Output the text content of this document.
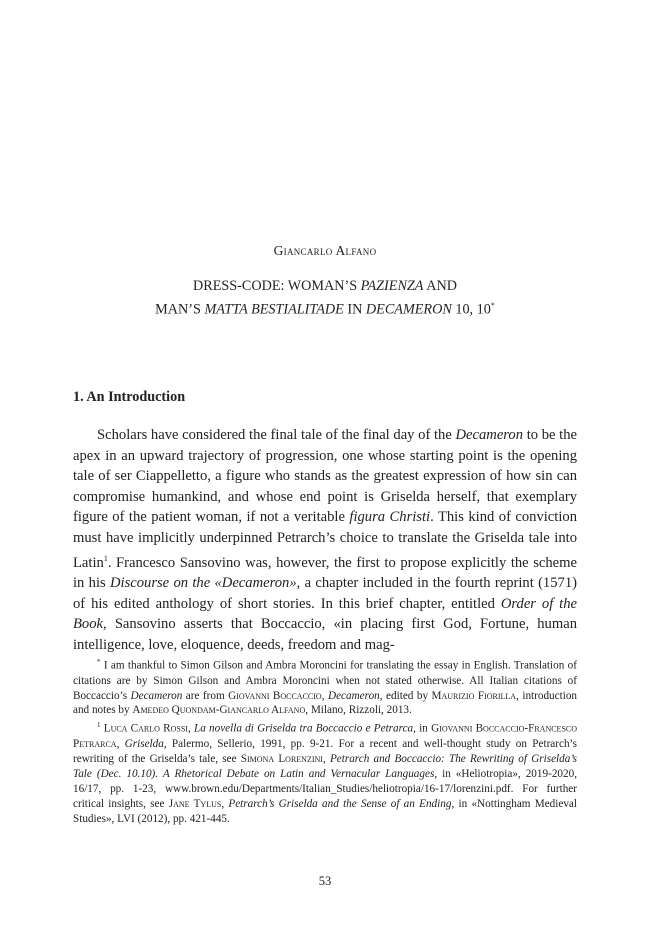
Giancarlo Alfano
DRESS-CODE: WOMAN’S PAZIENZA AND
MAN’S MATTA BESTIALITADE IN DECAMERON 10, 10*
1. An Introduction

Scholars have considered the final tale of the final day of the Decameron to be the apex in an upward trajectory of progression, one whose starting point is the opening tale of ser Ciappelletto, a figure who stands as the greatest expression of how sin can compromise humankind, and whose end point is Griselda herself, that exemplary figure of the patient woman, if not a veritable figura Christi. This kind of conviction must have implicitly underpinned Petrarch’s choice to translate the Griselda tale into Latin$^1$. Francesco Sansovino was, however, the first to propose explicitly the scheme in his Discourse on the «Decameron», a chapter included in the fourth reprint (1571) of his edited anthology of short stories. In this brief chapter, entitled Order of the Book, Sansovino asserts that Boccaccio, «in placing first God, Fortune, human intelligence, love, eloquence, deeds, freedom and mag-

* I am thankful to Simon Gilson and Ambra Moroncini for translating the essay in English. Translation of citations are by Simon Gilson and Ambra Moroncini when not stated otherwise. All Italian citations of Boccaccio’s Decameron are from Giovanni Boccaccio, Decameron, edited by Maurizio Fiorilla, introduction and notes by Amedeo Quondam-Giancarlo Alfano, Milano, Rizzoli, 2013.

$^1$ Luca Carlo Rossi, La novella di Griselda tra Boccaccio e Petrarca, in Giovanni Boccaccio-Francesco Petrarca, Griselda, Palermo, Sellerio, 1991, pp. 9-21. For a recent and well-thought study on Petrarch’s rewriting of the Griselda’s tale, see Simona Lorenzini, Petrarch and Boccaccio: The Rewriting of Griselda’s Tale (Dec. 10.10). A Rhetorical Debate on Latin and Vernacular Languages, in «Heliotropia», 2019-2020, 16/17, pp. 1-23, www.brown.edu/Departments/Italian_Studies/heliotropia/16-17/lorenzini.pdf. For further critical insights, see Jane Tylus, Petrarch’s Griselda and the Sense of an Ending, in «Nottingham Medieval Studies», LVI (2012), pp. 421-445.

53
